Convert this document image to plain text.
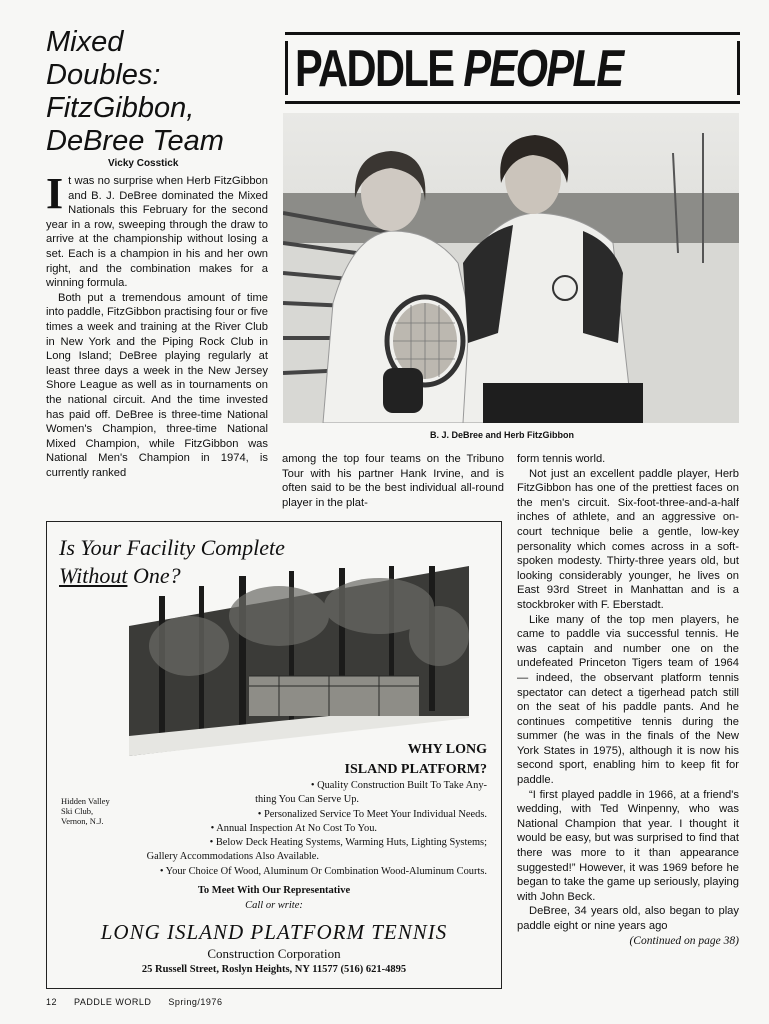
Mixed
Doubles:
FitzGibbon,
DeBree Team
Vicky Cosstick
PADDLE PEOPLE
B. J. DeBree and Herb FitzGibbon

It was no surprise when Herb FitzGibbon and B. J. DeBree dominated the Mixed Nationals this February for the second year in a row, sweeping through the draw to arrive at the championship without losing a set. Each is a champion in his and her own right, and the combination makes for a winning formula.

Both put a tremendous amount of time into paddle, FitzGibbon practising four or five times a week and training at the River Club in New York and the Piping Rock Club in Long Island; DeBree playing regularly at least three days a week in the New Jersey Shore League as well as in tournaments on the national circuit. And the time invested has paid off. DeBree is three-time National Women's Champion, three-time National Mixed Champion, while FitzGibbon was National Men's Champion in 1974, is currently ranked

among the top four teams on the Tribuno Tour with his partner Hank Irvine, and is often said to be the best individual all-round player in the plat-

form tennis world.

Not just an excellent paddle player, Herb FitzGibbon has one of the prettiest faces on the men's circuit. Six-foot-three-and-a-half inches of athlete, and an aggressive on-court technique belie a gentle, low-key personality which comes across in a soft-spoken modesty. Thirty-three years old, but looking considerably younger, he lives on East 93rd Street in Manhattan and is a stockbroker with F. Eberstadt.

Like many of the top men players, he came to paddle via successful tennis. He was captain and number one on the undefeated Princeton Tigers team of 1964 — indeed, the observant platform tennis spectator can detect a tigerhead patch still on the seat of his paddle pants. And he continues competitive tennis during the summer (he was in the finals of the New York States in 1975), although it is now his second sport, enabling him to keep fit for paddle.

“I first played paddle in 1966, at a friend's wedding, with Ted Winpenny, who was National Champion that year. I thought it would be easy, but was surprised to find that there was more to it than appearance suggested!” However, it was 1969 before he began to take the game up seriously, playing with John Beck.

DeBree, 34 years old, also began to play paddle eight or nine years ago

(Continued on page 38)
Is Your Facility Complete
Without One?
WHY LONG
ISLAND PLATFORM?
Hidden Valley
Ski Club,
Vernon, N.J.
• Quality Construction Built To Take Any-
thing You Can Serve Up.
• Personalized Service To Meet Your Individual Needs.
• Annual Inspection At No Cost To You.
• Below Deck Heating Systems, Warming Huts, Lighting Systems;
Gallery Accommodations Also Available.
• Your Choice Of Wood, Aluminum Or Combination Wood-Aluminum Courts.
To Meet With Our Representative
Call or write:
LONG ISLAND PLATFORM TENNIS
Construction Corporation
25 Russell Street, Roslyn Heights, NY 11577 (516) 621-4895
12 PADDLE WORLD Spring/1976
